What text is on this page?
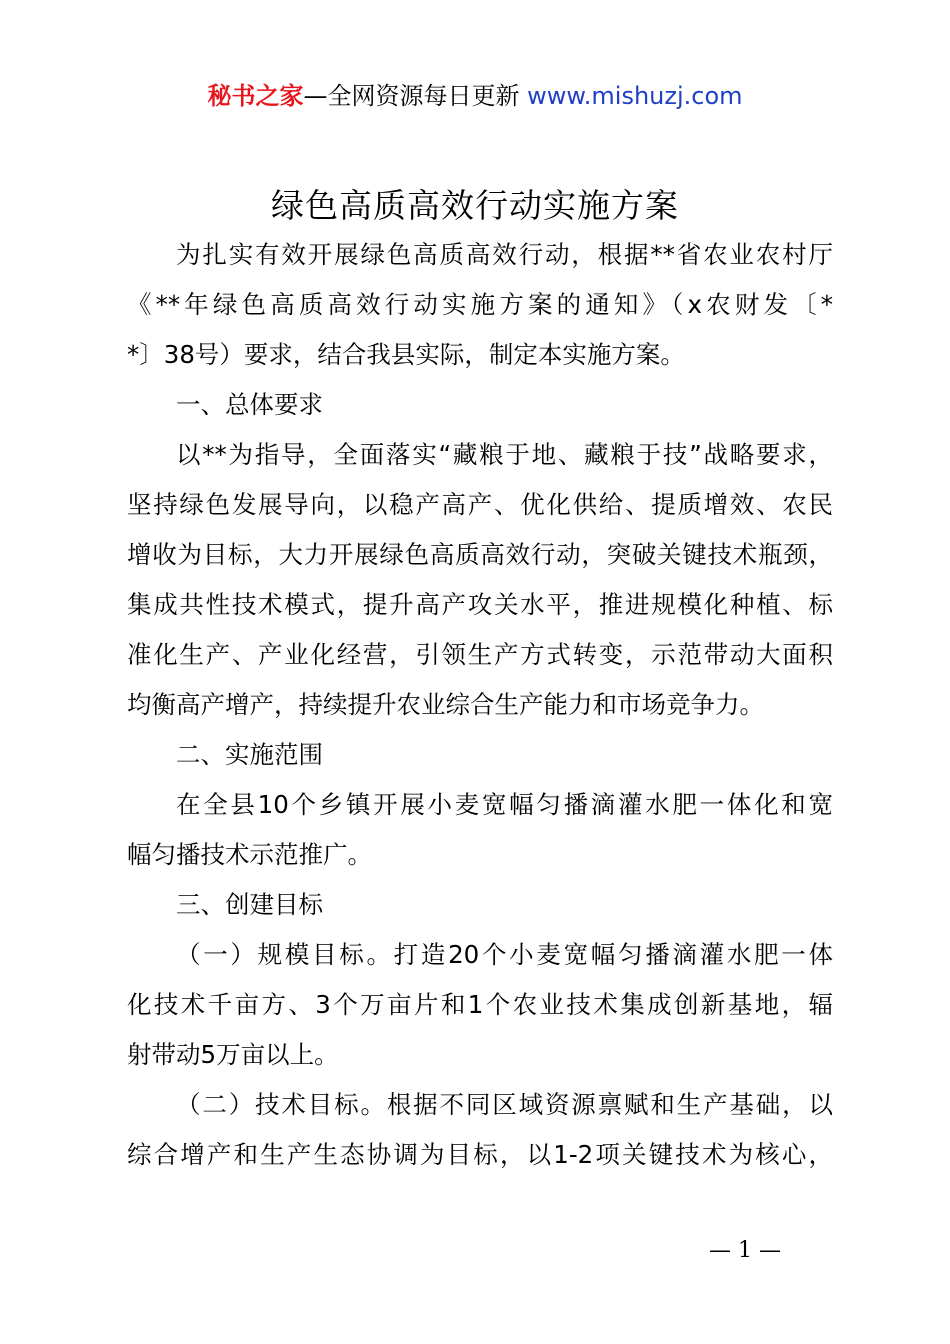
秘书之家—全网资源每日更新 www.mishuzj.com
绿色高质高效行动实施方案
为扎实有效开展绿色高质高效行动，根据**省农业农村厅
《**年绿色高质高效行动实施方案的通知》（x农财发〔*
*〕38号）要求，结合我县实际，制定本实施方案。
一、总体要求
以**为指导，全面落实“藏粮于地、藏粮于技”战略要求，
坚持绿色发展导向，以稳产高产、优化供给、提质增效、农民
增收为目标，大力开展绿色高质高效行动，突破关键技术瓶颈，
集成共性技术模式，提升高产攻关水平，推进规模化种植、标
准化生产、产业化经营，引领生产方式转变，示范带动大面积
均衡高产增产，持续提升农业综合生产能力和市场竞争力。
二、实施范围
在全县10个乡镇开展小麦宽幅匀播滴灌水肥一体化和宽
幅匀播技术示范推广。
三、创建目标
（一）规模目标。打造20个小麦宽幅匀播滴灌水肥一体
化技术千亩方、3个万亩片和1个农业技术集成创新基地，辐
射带动5万亩以上。
（二）技术目标。根据不同区域资源禀赋和生产基础，以
综合增产和生产生态协调为目标，以1-2项关键技术为核心，
— 1 —
